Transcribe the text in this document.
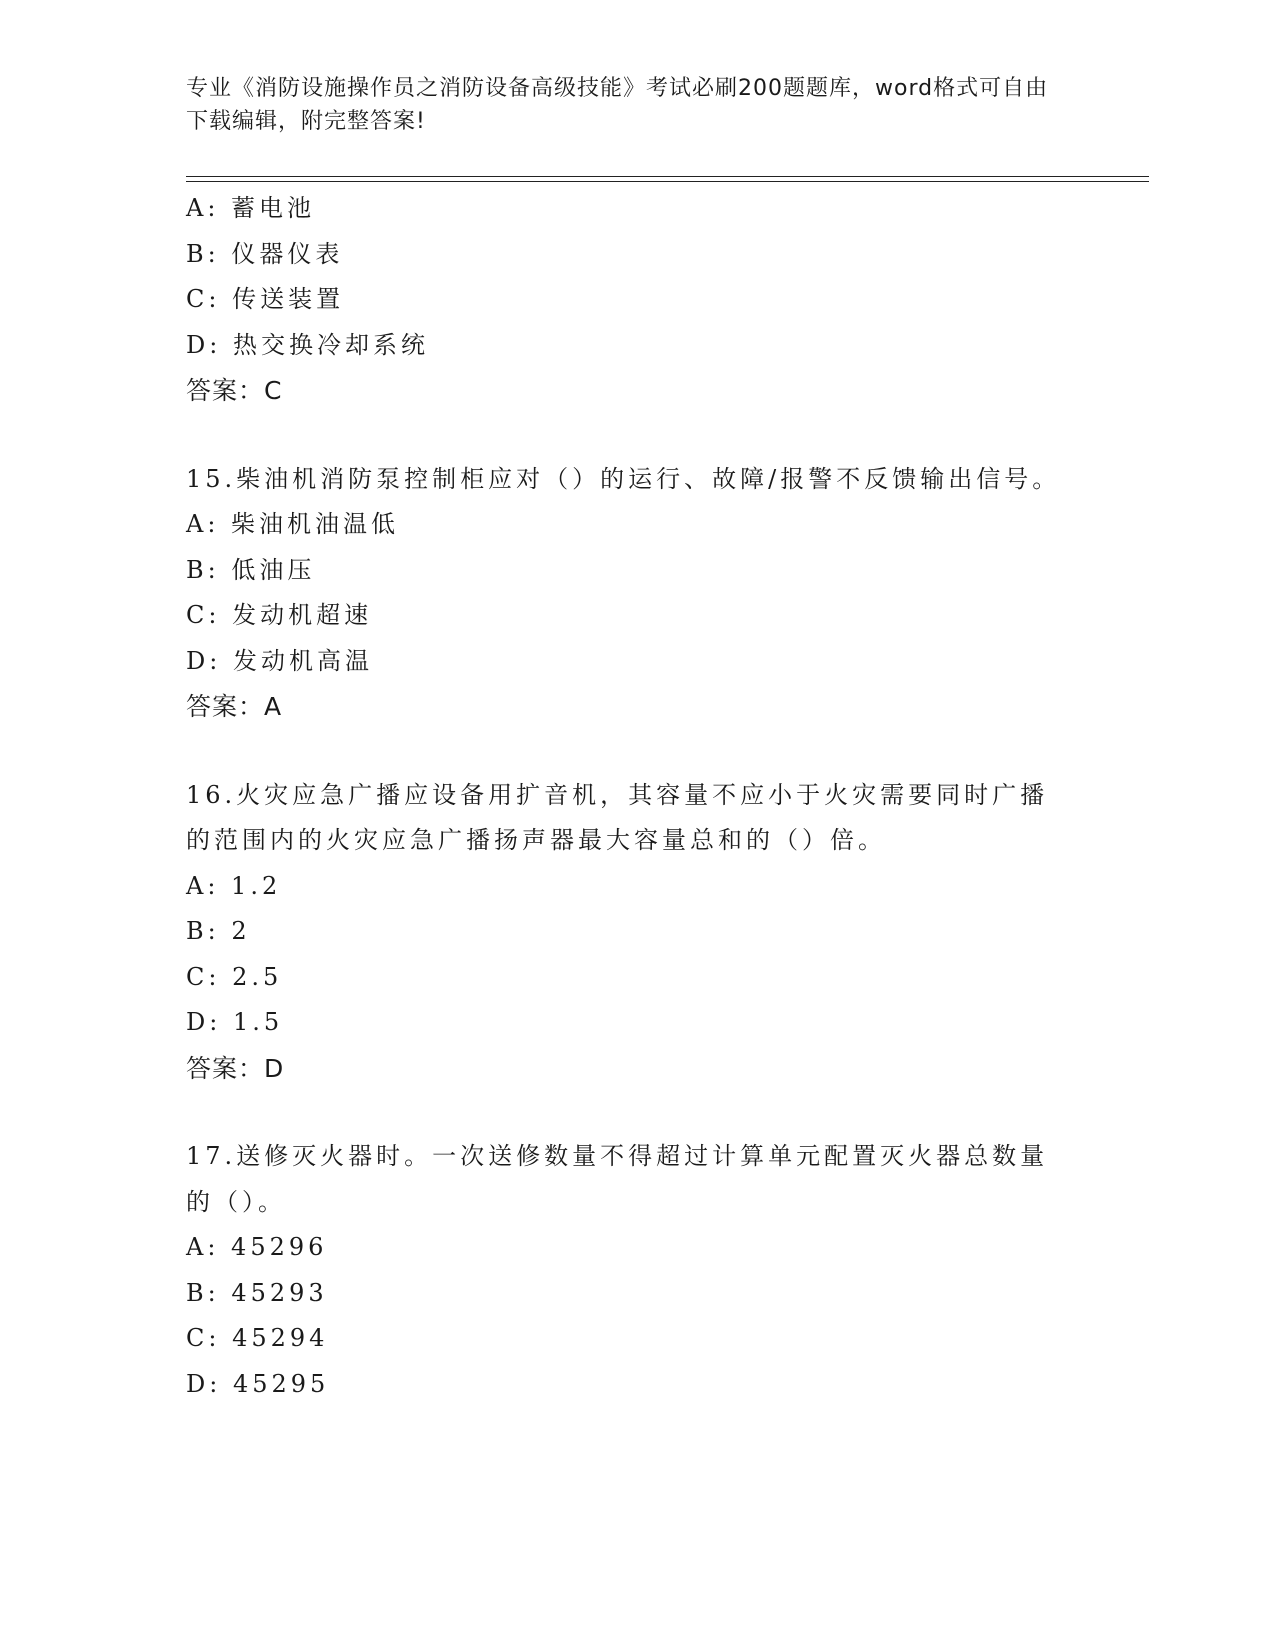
专业《消防设施操作员之消防设备高级技能》考试必刷200题题库，word格式可自由下载编辑，附完整答案!
A: 蓄电池
B: 仪器仪表
C: 传送装置
D: 热交换冷却系统
答案：C
15.柴油机消防泵控制柜应对（）的运行、故障/报警不反馈输出信号。
A: 柴油机油温低
B: 低油压
C: 发动机超速
D: 发动机高温
答案：A
16.火灾应急广播应设备用扩音机，其容量不应小于火灾需要同时广播的范围内的火灾应急广播扬声器最大容量总和的（）倍。
A: 1.2
B: 2
C: 2.5
D: 1.5
答案：D
17.送修灭火器时。一次送修数量不得超过计算单元配置灭火器总数量的（）。
A: 45296
B: 45293
C: 45294
D: 45295
